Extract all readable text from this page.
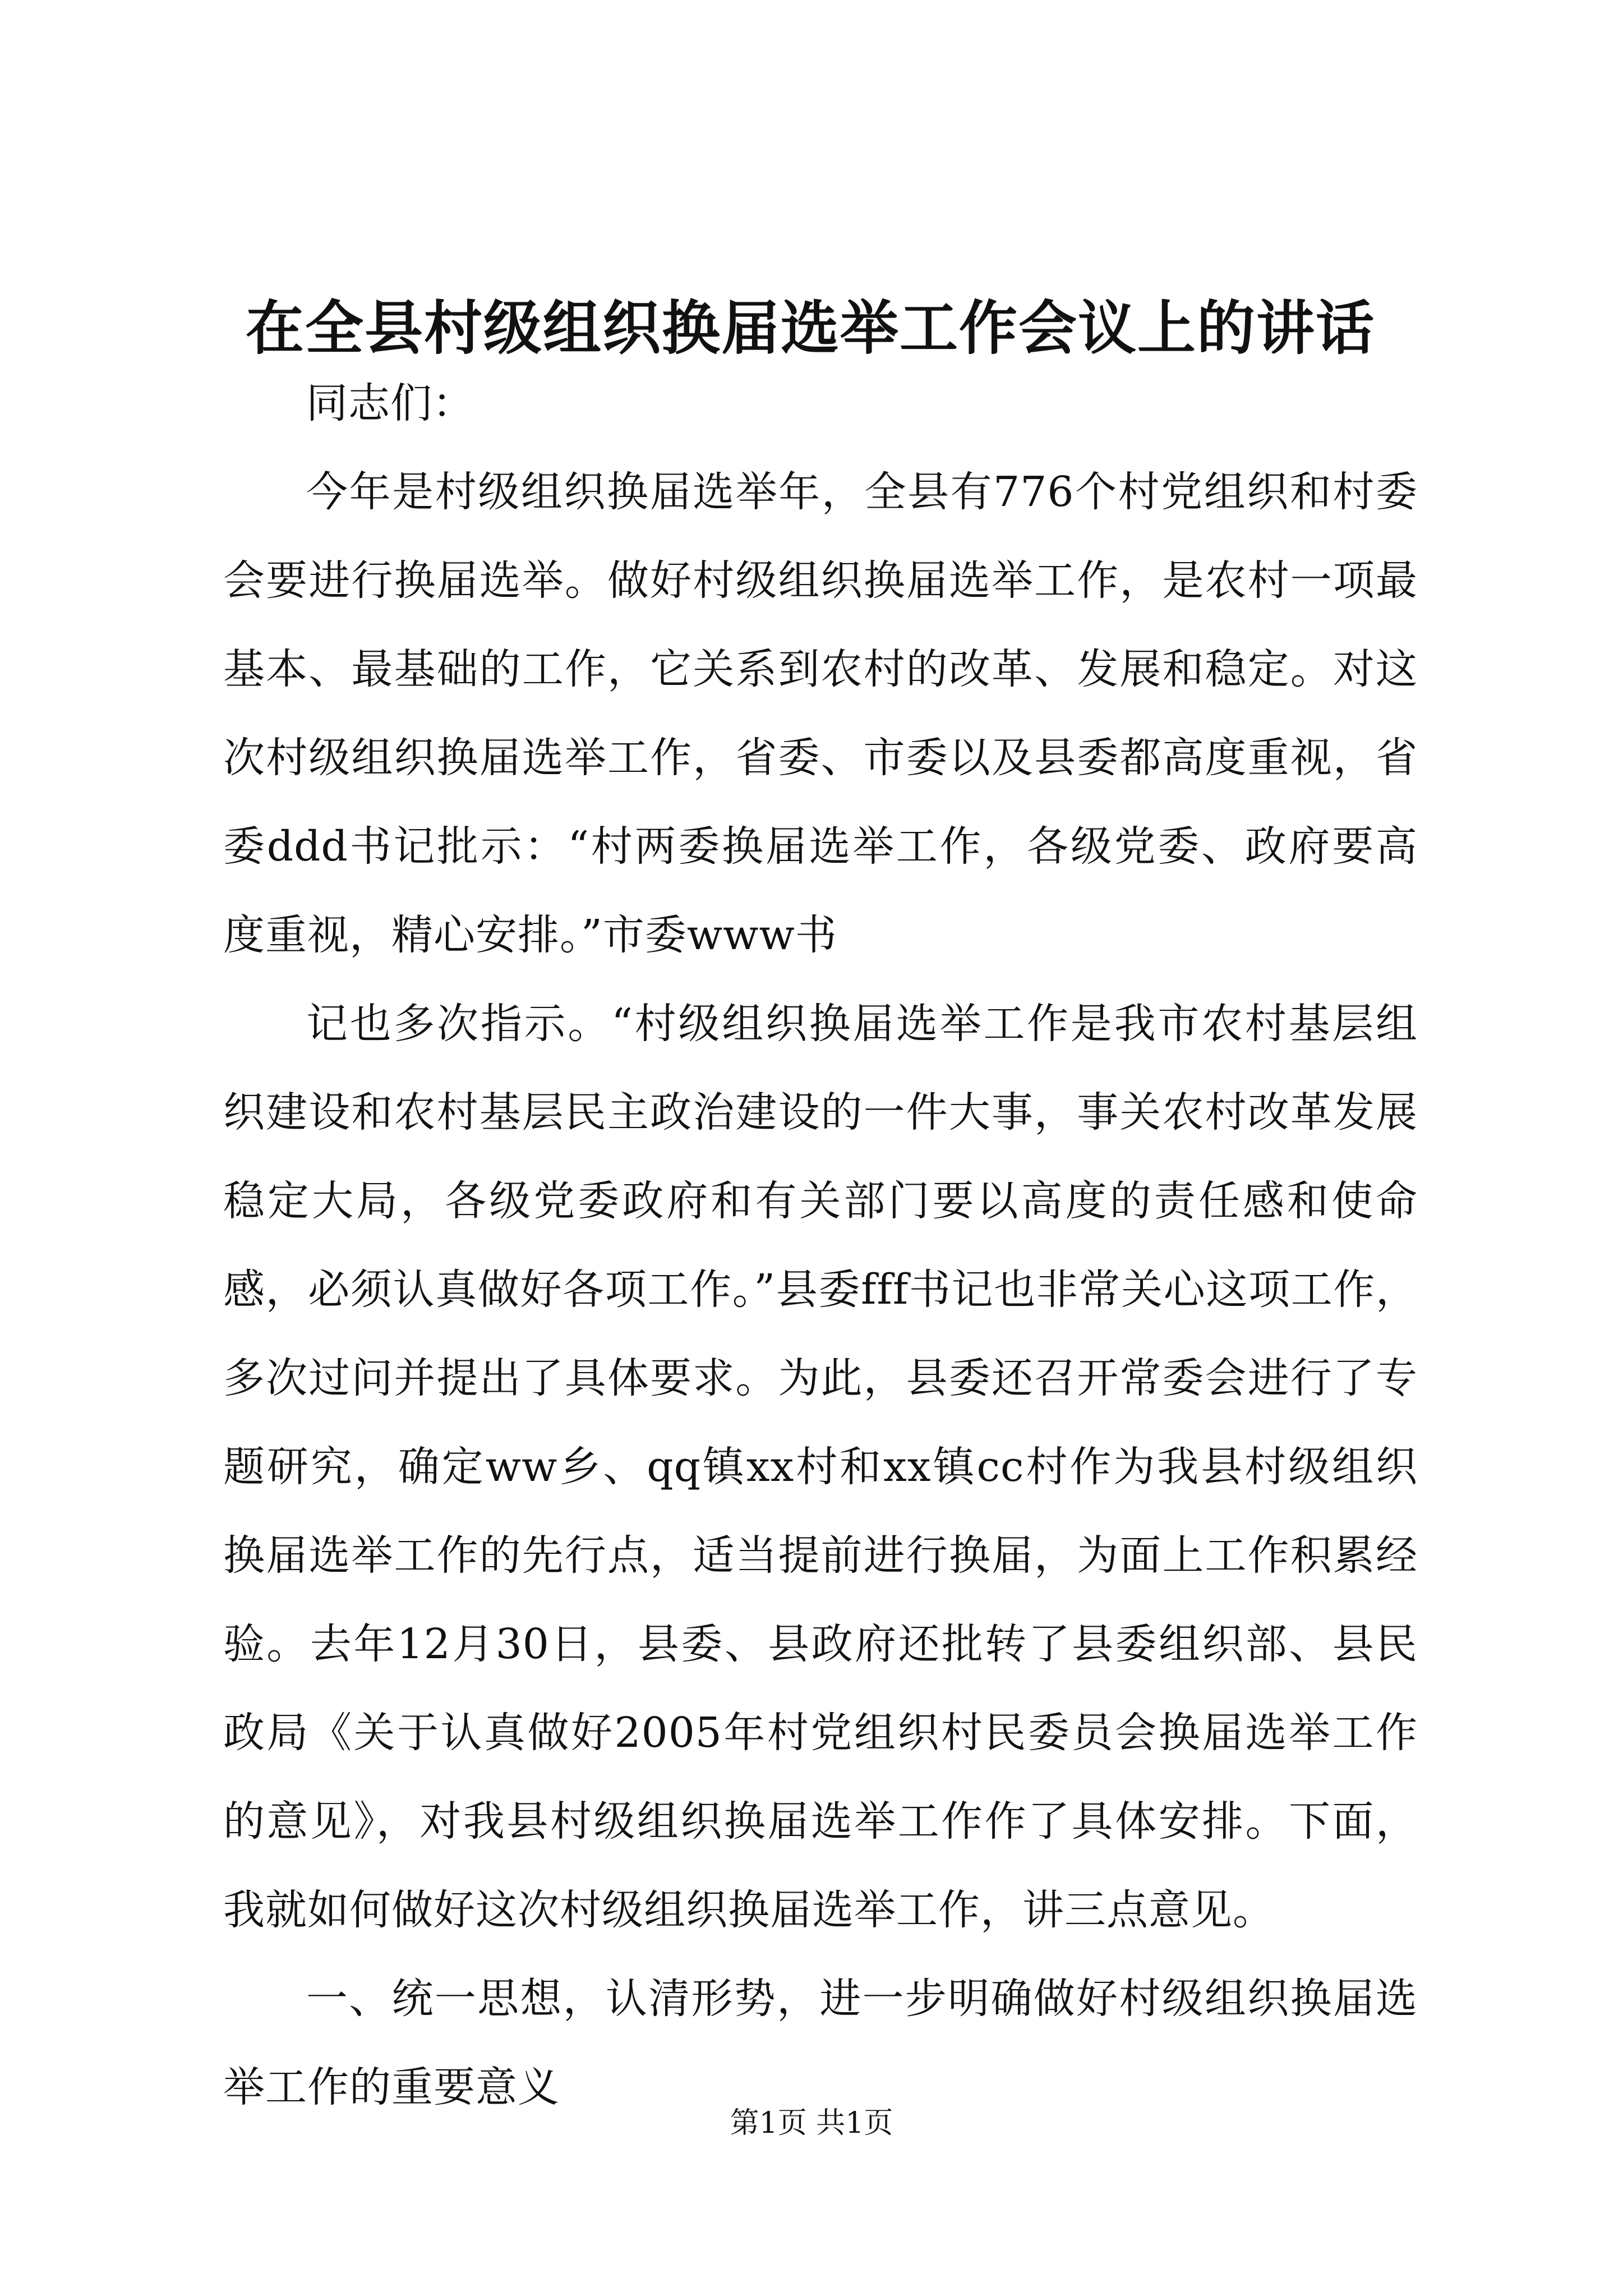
在全县村级组织换届选举工作会议上的讲话

同志们：

今年是村级组织换届选举年，全县有776个村党组织和村委会要进行换届选举。做好村级组织换届选举工作，是农村一项最基本、最基础的工作，它关系到农村的改革、发展和稳定。对这次村级组织换届选举工作，省委、市委以及县委都高度重视，省委ddd书记批示：“村两委换届选举工作，各级党委、政府要高度重视，精心安排。”市委www书

记也多次指示。“村级组织换届选举工作是我市农村基层组织建设和农村基层民主政治建设的一件大事，事关农村改革发展稳定大局，各级党委政府和有关部门要以高度的责任感和使命感，必须认真做好各项工作。”县委fff书记也非常关心这项工作，多次过问并提出了具体要求。为此，县委还召开常委会进行了专题研究，确定ww乡、qq镇xx村和xx镇cc村作为我县村级组织换届选举工作的先行点，适当提前进行换届，为面上工作积累经验。去年12月30日，县委、县政府还批转了县委组织部、县民政局《关于认真做好2005年村党组织村民委员会换届选举工作的意见》，对我县村级组织换届选举工作作了具体安排。下面，我就如何做好这次村级组织换届选举工作，讲三点意见。

一、统一思想，认清形势，进一步明确做好村级组织换届选举工作的重要意义

第1页 共1页
